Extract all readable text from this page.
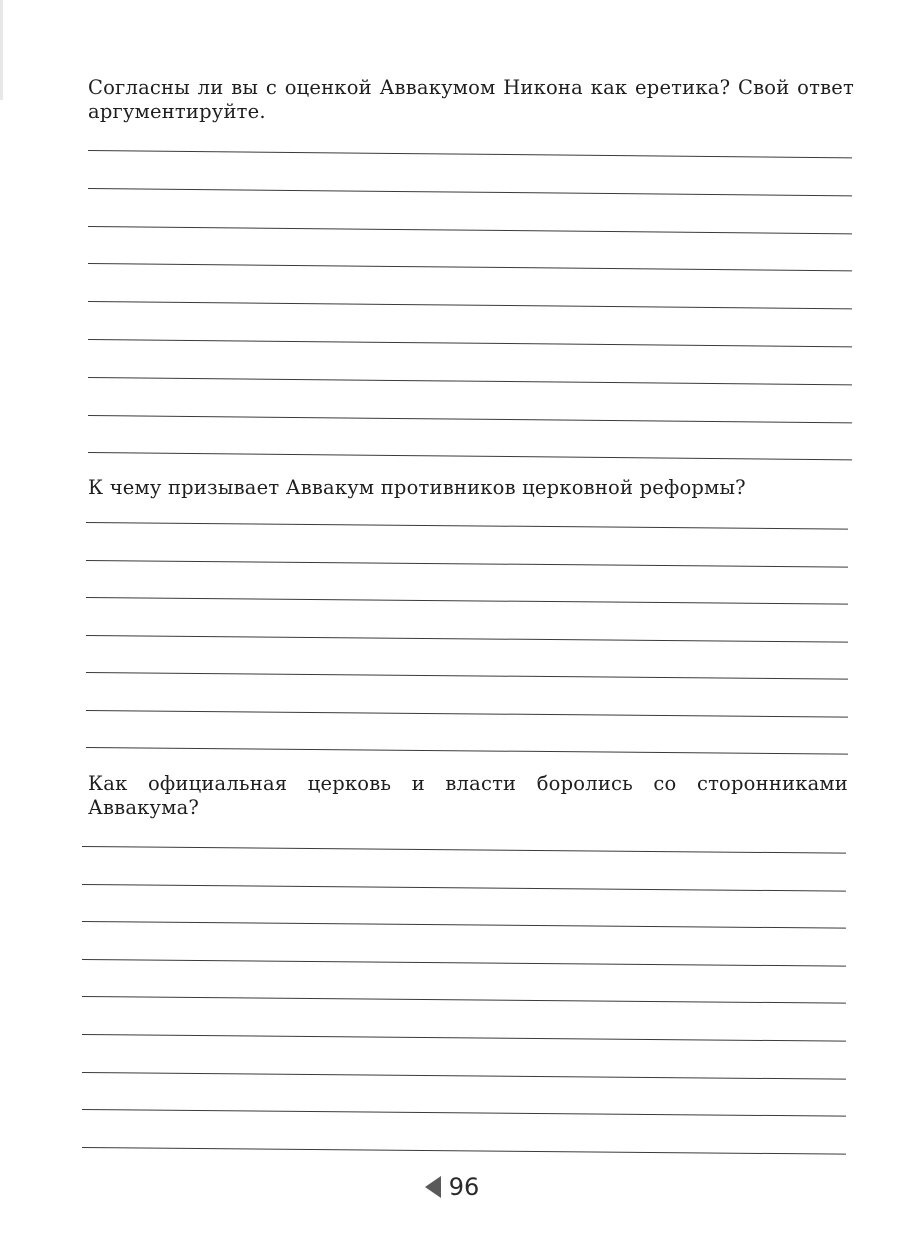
Согласны ли вы с оценкой Аввакумом Никона как еретика? Свой ответ аргументируйте.
К чему призывает Аввакум противников церковной реформы?
Как официальная церковь и власти боролись со сторонниками Аввакума?
96
